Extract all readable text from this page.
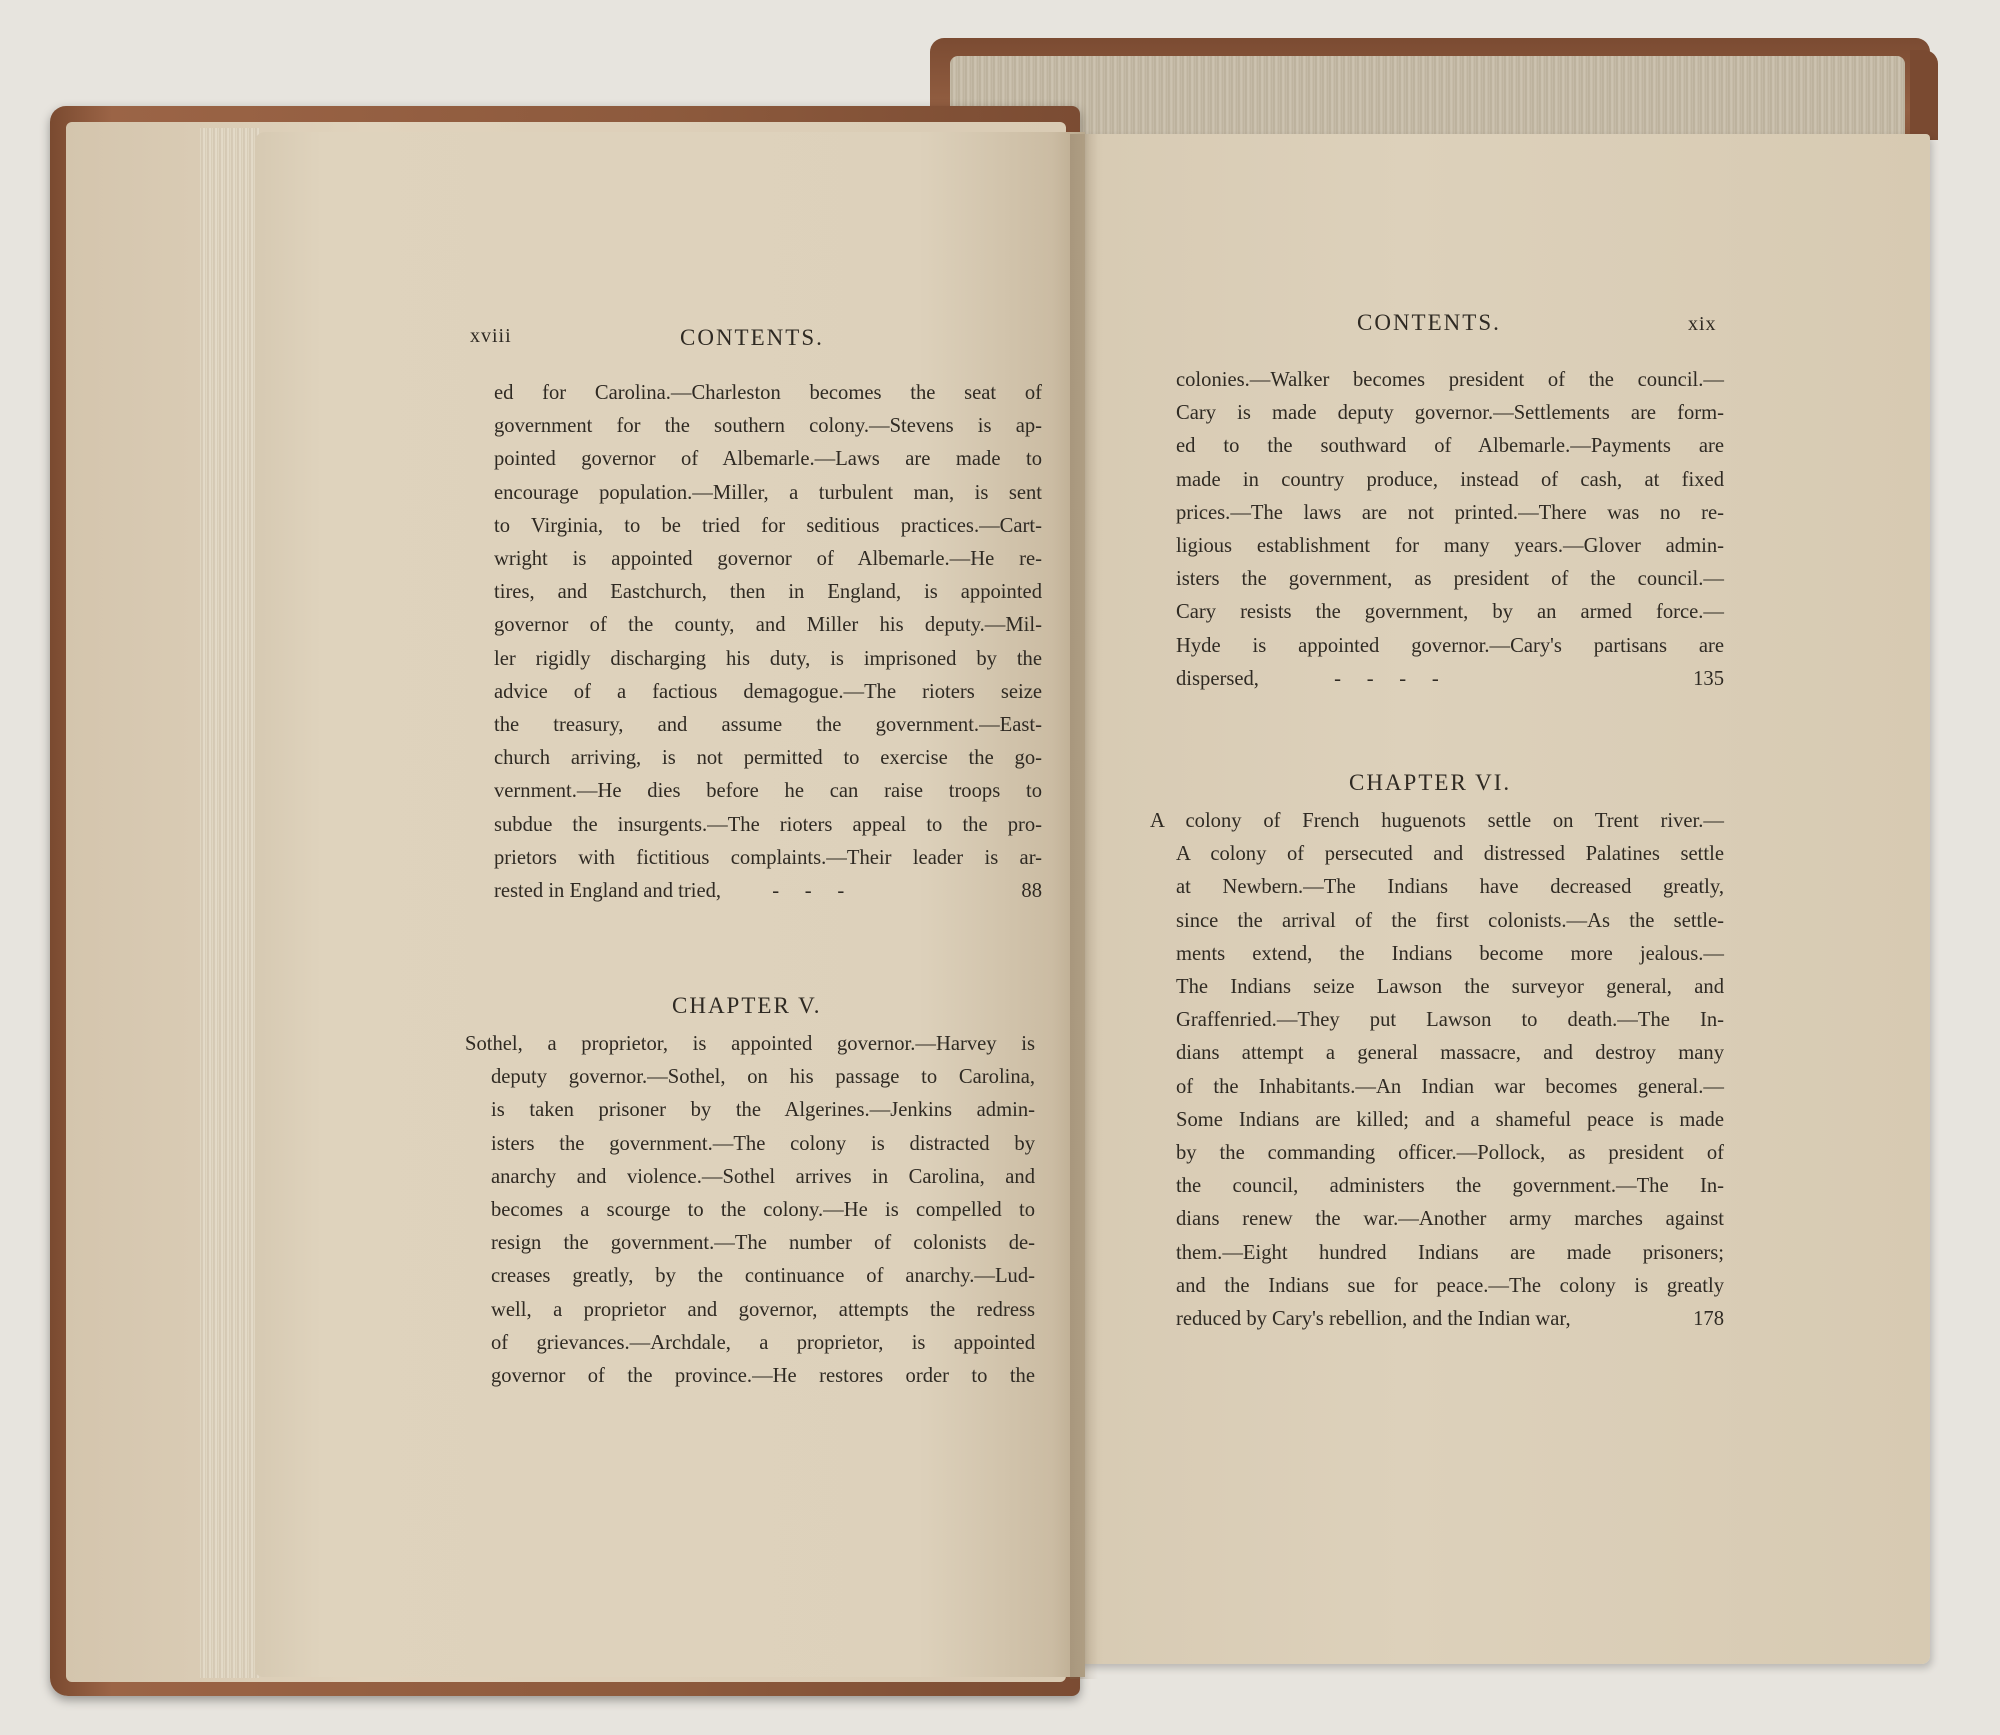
xviii	CONTENTS.
ed for Carolina.—Charleston becomes the seat of
government for the southern colony.—Stevens is ap-
pointed governor of Albemarle.—Laws are made to
encourage population.—Miller, a turbulent man, is sent
to Virginia, to be tried for seditious practices.—Cart-
wright is appointed governor of Albemarle.—He re-
tires, and Eastchurch, then in England, is appointed
governor of the county, and Miller his deputy.—Mil-
ler rigidly discharging his duty, is imprisoned by the
advice of a factious demagogue.—The rioters seize
the treasury, and assume the government.—East-
church arriving, is not permitted to exercise the go-
vernment.—He dies before he can raise troops to
subdue the insurgents.—The rioters appeal to the pro-
prietors with fictitious complaints.—Their leader is ar-
rested in England and tried, -     -     -	88
CHAPTER V.
Sothel, a proprietor, is appointed governor.—Harvey is
deputy governor.—Sothel, on his passage to Carolina,
is taken prisoner by the Algerines.—Jenkins admin-
isters the government.—The colony is distracted by
anarchy and violence.—Sothel arrives in Carolina, and
becomes a scourge to the colony.—He is compelled to
resign the government.—The number of colonists de-
creases greatly, by the continuance of anarchy.—Lud-
well, a proprietor and governor, attempts the redress
of grievances.—Archdale, a proprietor, is appointed
governor of the province.—He restores order to the
CONTENTS.	xix
colonies.—Walker becomes president of the council.—
Cary is made deputy governor.—Settlements are form-
ed to the southward of Albemarle.—Payments are
made in country produce, instead of cash, at fixed
prices.—The laws are not printed.—There was no re-
ligious establishment for many years.—Glover admin-
isters the government, as president of the council.—
Cary resists the government, by an armed force.—
Hyde is appointed governor.—Cary's partisans are
dispersed,	-     -     -     -	135
CHAPTER VI.
A colony of French huguenots settle on Trent river.—
A colony of persecuted and distressed Palatines settle
at Newbern.—The Indians have decreased greatly,
since the arrival of the first colonists.—As the settle-
ments extend, the Indians become more jealous.—
The Indians seize Lawson the surveyor general, and
Graffenried.—They put Lawson to death.—The In-
dians attempt a general massacre, and destroy many
of the Inhabitants.—An Indian war becomes general.—
Some Indians are killed; and a shameful peace is made
by the commanding officer.—Pollock, as president of
the council, administers the government.—The In-
dians renew the war.—Another army marches against
them.—Eight hundred Indians are made prisoners;
and the Indians sue for peace.—The colony is greatly
reduced by Cary's rebellion, and the Indian war,	178
